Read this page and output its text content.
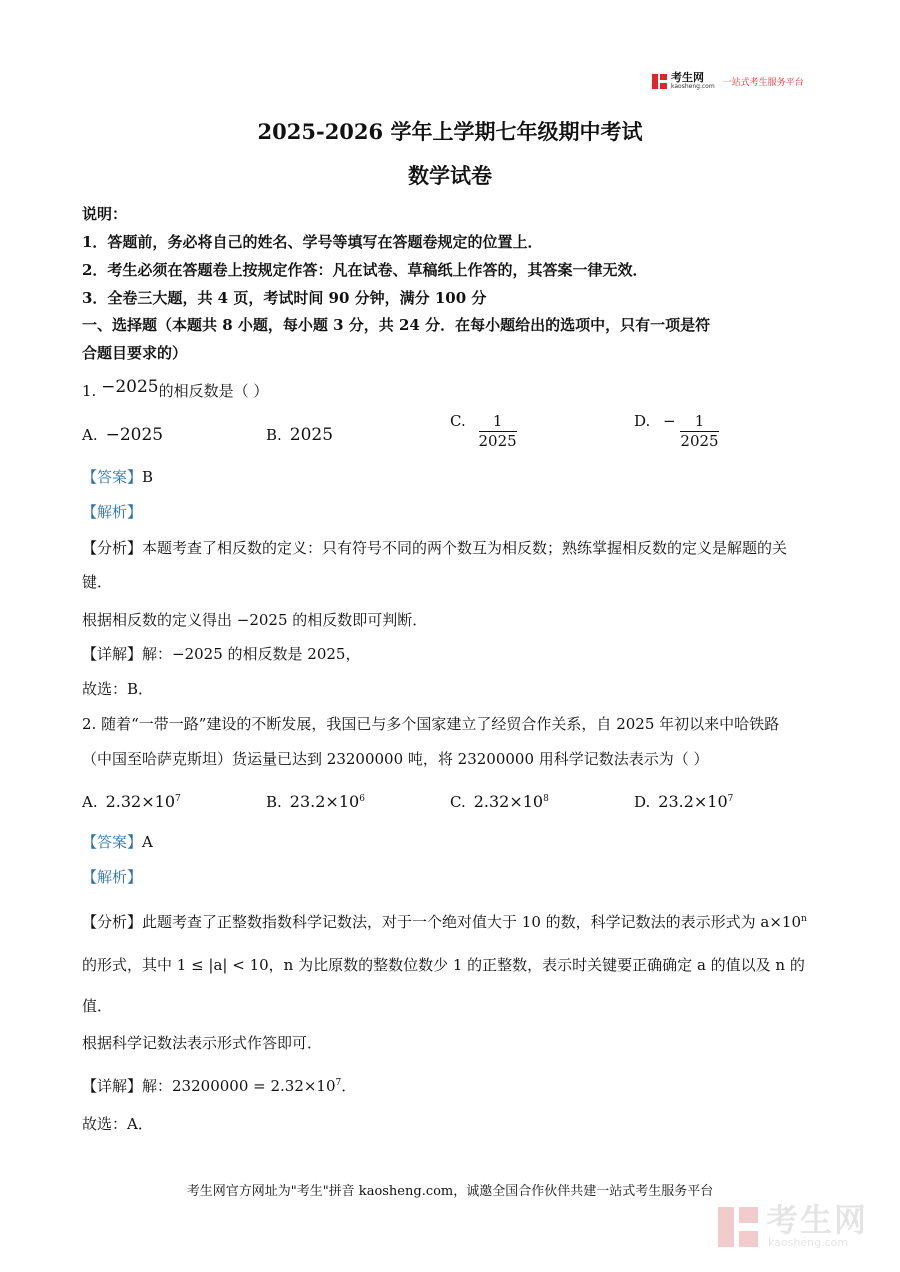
考生网
kaosheng.com 一站式考生服务平台
2025-2026 学年上学期七年级期中考试
数学试卷
说明：
1．答题前，务必将自己的姓名、学号等填写在答题卷规定的位置上．
2．考生必须在答题卷上按规定作答：凡在试卷、草稿纸上作答的，其答案一律无效．
3．全卷三大题，共 4 页，考试时间 90 分钟，满分 100 分
一、选择题（本题共 8 小题，每小题 3 分，共 24 分．在每小题给出的选项中，只有一项是符
合题目要求的）
1. −2025的相反数是（ ）
A. −2025	B. 2025
C. $\frac{1}{2025}$	D. − $\frac{1}{2025}$
【答案】B
【解析】
【分析】本题考查了相反数的定义：只有符号不同的两个数互为相反数；熟练掌握相反数的定义是解题的关
键．
根据相反数的定义得出 −2025 的相反数即可判断．
【详解】解：−2025 的相反数是 2025，
故选：B．
2. 随着“一带一路”建设的不断发展，我国已与多个国家建立了经贸合作关系，自 2025 年初以来中哈铁路
（中国至哈萨克斯坦）货运量已达到 23200000 吨，将 23200000 用科学记数法表示为（ ）
A. $2.32\times 10^7$	B. $23.2\times 10^6$	C. $2.32\times 10^8$	D. $23.2\times 10^7$
【答案】A
【解析】
【分析】此题考查了正整数指数科学记数法，对于一个绝对值大于 10 的数，科学记数法的表示形式为 $a\times 10^n$
的形式，其中 1 ≤ |a| < 10，n 为比原数的整数位数少 1 的正整数，表示时关键要正确确定 a 的值以及 n 的
值．
根据科学记数法表示形式作答即可．
【详解】解：$23200000 = 2.32\times 10^7$．
故选：A．
考生网官方网址为"考生"拼音 kaosheng.com，诚邀全国合作伙伴共建一站式考生服务平台
考生网
kaosheng.com
